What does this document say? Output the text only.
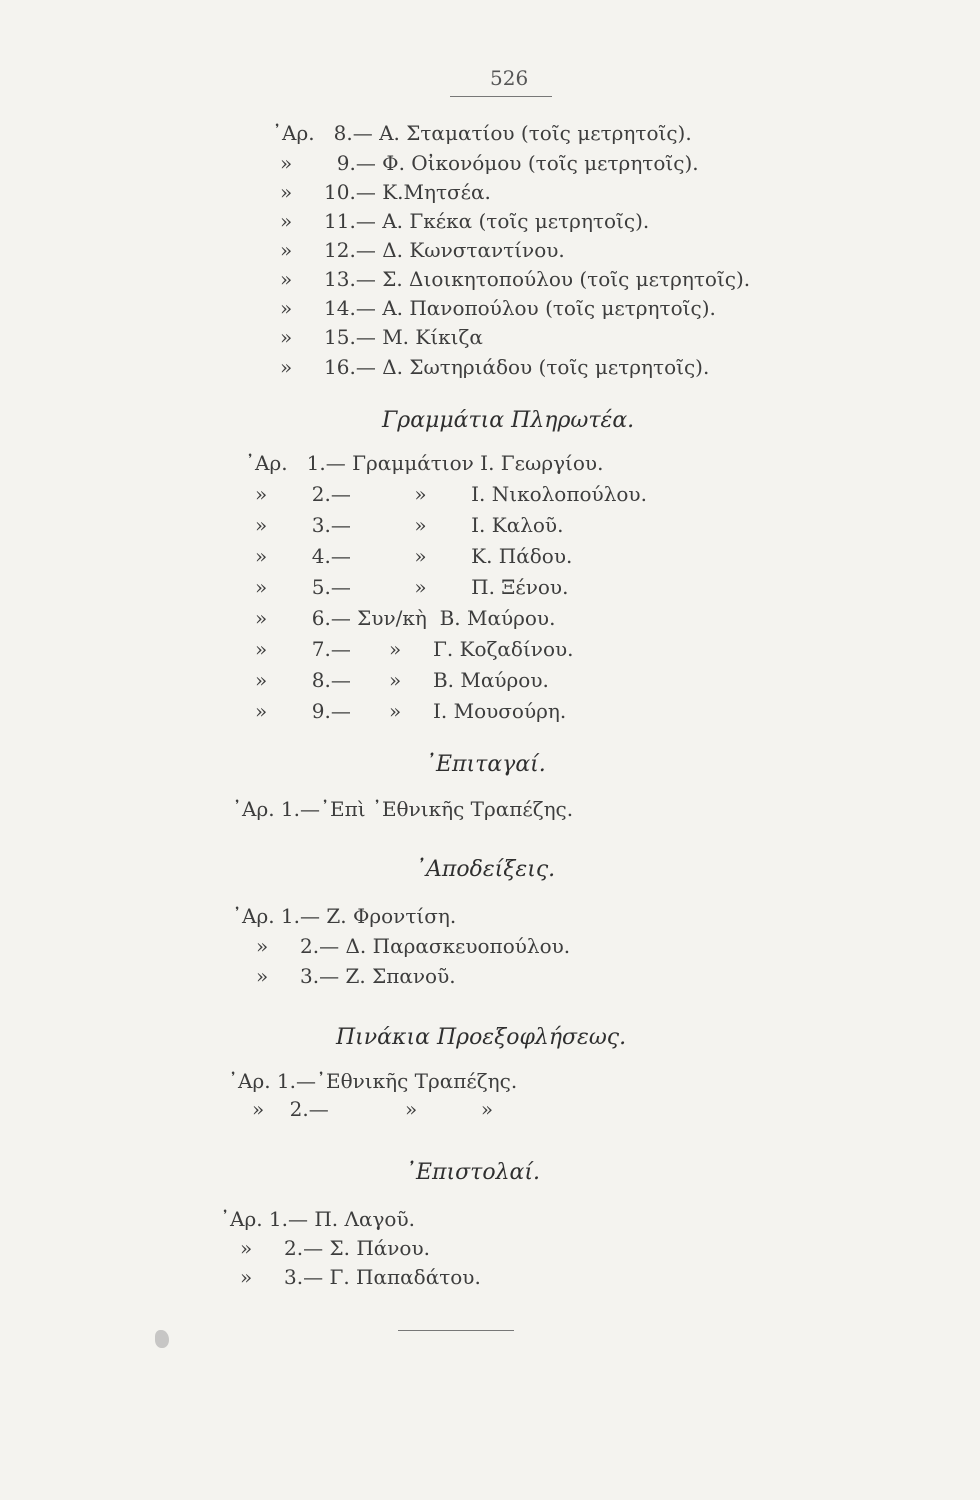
526
᾽Αρ.   8.— Α. Σταματίου (τοῖς μετρητοῖς).
»       9.— Φ. Οἰκονόμου (τοῖς μετρητοῖς).
»     10.— Κ.Μητσέα.
»     11.— Α. Γκέκα (τοῖς μετρητοῖς).
»     12.— Δ. Κωνσταντίνου.
»     13.— Σ. Διοικητοπούλου (τοῖς μετρητοῖς).
»     14.— Α. Πανοπούλου (τοῖς μετρητοῖς).
»     15.— Μ. Κίκιζα
»     16.— Δ. Σωτηριάδου (τοῖς μετρητοῖς).
Γραμμάτια Πληρωτέα.
᾽Αρ.   1.— Γραμμάτιον Ι. Γεωργίου.
»       2.—          »       Ι. Νικολοπούλου.
»       3.—          »       Ι. Καλοῦ.
»       4.—          »       Κ. Πάδου.
»       5.—          »       Π. Ξένου.
»       6.— Συν/κὴ  Β. Μαύρου.
»       7.—      »     Γ. Κοζαδίνου.
»       8.—      »     Β. Μαύρου.
»       9.—      »     Ι. Μουσούρη.
᾽Επιταγαί.
᾽Αρ. 1.—᾽Επὶ ᾽Εθνικῆς Τραπέζης.
᾽Αποδείξεις.
᾽Αρ. 1.— Ζ. Φροντίση.
»     2.— Δ. Παρασκευοπούλου.
»     3.— Ζ. Σπανοῦ.
Πινάκια Προεξοφλήσεως.
᾽Αρ. 1.—᾽Εθνικῆς Τραπέζης.
»    2.—            »          »
᾽Επιστολαί.
᾽Αρ. 1.— Π. Λαγοῦ.
»     2.— Σ. Πάνου.
»     3.— Γ. Παπαδάτου.
